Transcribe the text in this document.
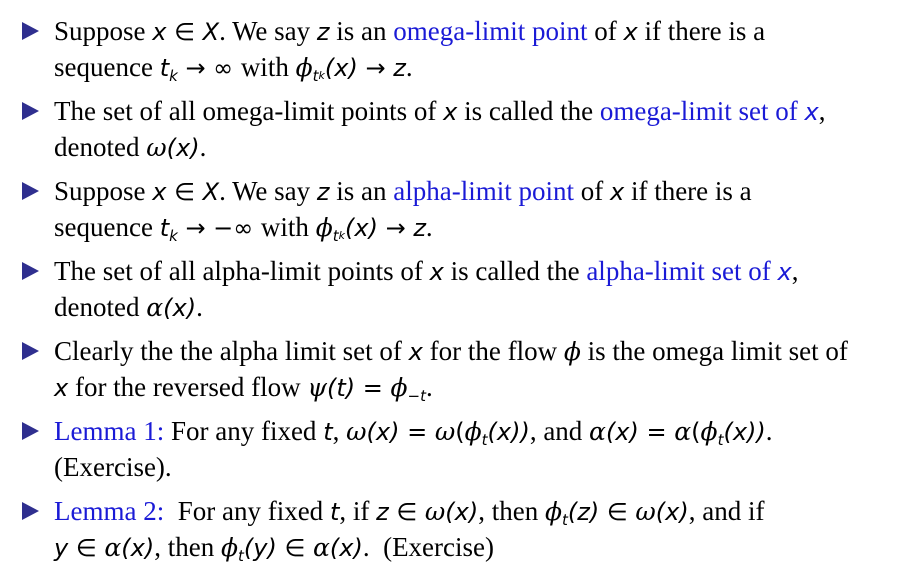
Suppose x ∈ X. We say z is an omega-limit point of x if there is a
sequence $t_k$ → ∞ with $\phi_tk(x) \to z$.
The set of all omega-limit points of x is called the omega-limit set of x,
denoted ω(x).
Suppose x ∈ X. We say z is an alpha-limit point of x if there is a
sequence $t_k$ → −∞ with $\phi_tk(x) \to z$.
The set of all alpha-limit points of x is called the alpha-limit set of x,
denoted α(x).
Clearly the the alpha limit set of x for the flow ϕ is the omega limit set of
x for the reversed flow $\psi(t) = \phi_{-t}$.
Lemma 1: For any fixed t, $\omega(x) = \omega(\phi_t(x))$, and $\alpha(x) = \alpha(\phi_t(x))$.
(Exercise).
Lemma 2:  For any fixed t, if z ∈ ω(x), then $\phi_t(z)$ ∈ ω(x), and if
y ∈ α(x), then $\phi_t(y)$ ∈ α(x).  (Exercise)
